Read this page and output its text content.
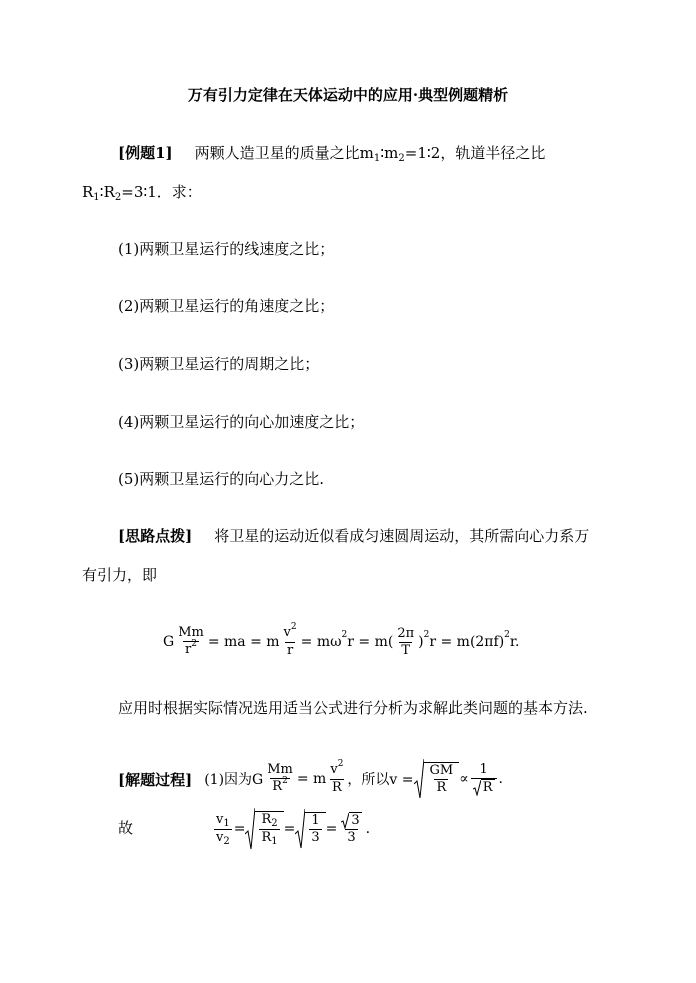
万有引力定律在天体运动中的应用·典型例题精析
[例题1] 两颗人造卫星的质量之比$m_1∶m_2=1∶2$，轨道半径之比
$R_1∶R_2=3∶1$．求：
(1)两颗卫星运行的线速度之比；
(2)两颗卫星运行的角速度之比；
(3)两颗卫星运行的周期之比；
(4)两颗卫星运行的向心加速度之比；
(5)两颗卫星运行的向心力之比.
[思路点拨] 将卫星的运动近似看成匀速圆周运动，其所需向心力系万
有引力，即
G $\frac{Mm}{r^2}$ = ma = m $\frac{v^2}{r} = m\omega$ 2 $r = m( \frac{2\pi}{T}$ ) 2 r = m(2πf) 2 r.
应用时根据实际情况选用适当公式进行分析为求解此类问题的基本方法.
[解题过程] (1)因为G $\frac{Mm}{R^2} = m \frac{v^2}{R}$ ，所以$v = \frac{GM}{R} \propto \frac{1}{R}$ .
故	$\frac{v_1}{v_2} = \frac{R_2}{R_1} = \frac{1}{3} = \frac{3}{3}$ .
